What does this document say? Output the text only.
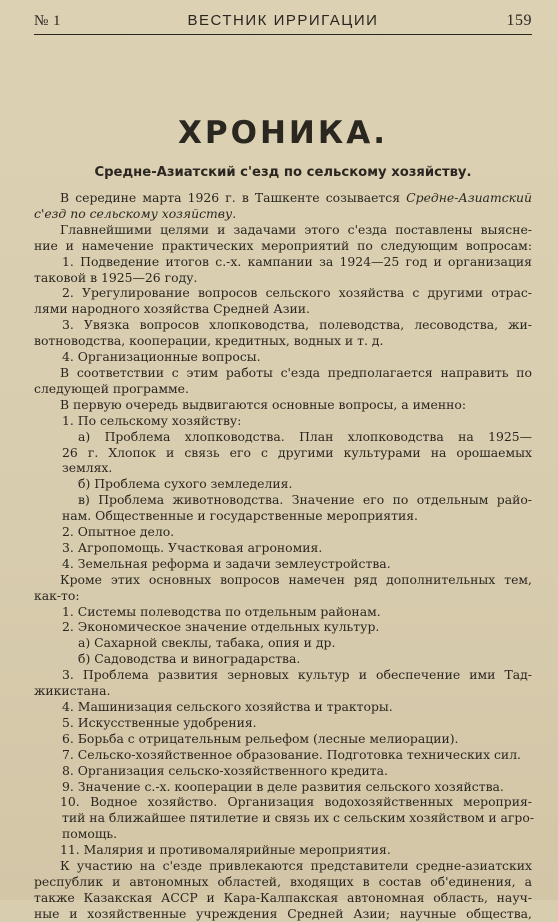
№ 1	ВЕСТНИК ИРРИГАЦИИ	159
ХРОНИКА.
Средне-Азиатский с'езд по сельскому хозяйству.
В середине марта 1926 г. в Ташкенте созывается Средне-Азиатский
с'езд по сельскому хозяйству.
Главнейшими целями и задачами этого с'езда поставлены выясне-
ние и намечение практических мероприятий по следующим вопросам:
1. Подведение итогов с.-х. кампании за 1924—25 год и организация
таковой в 1925—26 году.
2. Урегулирование вопросов сельского хозяйства с другими отрас-
лями народного хозяйства Средней Азии.
3. Увязка вопросов хлопководства, полеводства, лесоводства, жи-
вотноводства, кооперации, кредитных, водных и т. д.
4. Организационные вопросы.
В соответствии с этим работы с'езда предполагается направить по
следующей программе.
В первую очередь выдвигаются основные вопросы, а именно:
1. По сельскому хозяйству:
а) Проблема хлопководства. План хлопководства на 1925—
26 г. Хлопок и связь его с другими культурами на орошаемых
землях.
б) Проблема сухого земледелия.
в) Проблема животноводства. Значение его по отдельным райо-
нам. Общественные и государственные мероприятия.
2. Опытное дело.
3. Агропомощь. Участковая агрономия.
4. Земельная реформа и задачи землеустройства.
Кроме этих основных вопросов намечен ряд дополнительных тем,
как-то:
1. Системы полеводства по отдельным районам.
2. Экономическое значение отдельных культур.
а) Сахарной свеклы, табака, опия и др.
б) Садоводства и виноградарства.
3. Проблема развития зерновых культур и обеспечение ими Тад-
жикистана.
4. Машинизация сельского хозяйства и тракторы.
5. Искусственные удобрения.
6. Борьба с отрицательным рельефом (лесные мелиорации).
7. Сельско-хозяйственное образование. Подготовка технических сил.
8. Организация сельско-хозяйственного кредита.
9. Значение с.-х. кооперации в деле развития сельского хозяйства.
10. Водное хозяйство. Организация водохозяйственных мероприя-
тий на ближайшее пятилетие и связь их с сельским хозяйством и агро-
помощь.
11. Малярия и противомалярийные мероприятия.
К участию на с'езде привлекаются представители средне-азиатских
республик и автономных областей, входящих в состав об'единения, а
также Казакская АССР и Кара-Калпакская автономная область, науч-
ные и хозяйственные учреждения Средней Азии; научные общества,
